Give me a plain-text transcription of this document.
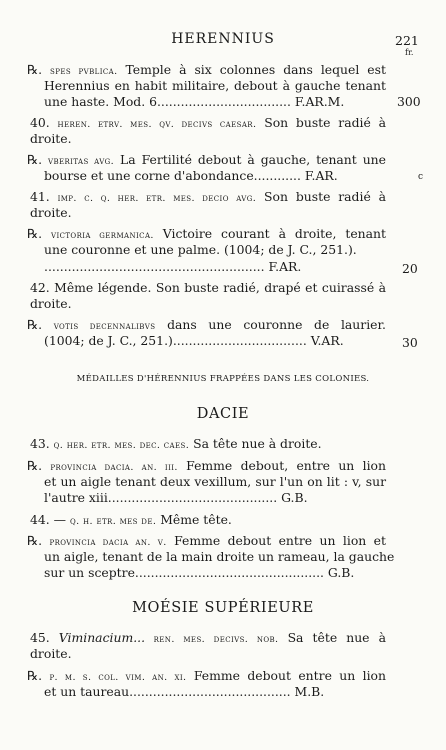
HERENNIUS	221
fr.
℞. spes pvblica. Temple à six colonnes dans lequel est
Herennius en habit militaire, debout à gauche tenant
une haste. Mod. 6.................................. F.AR.M.	300
40. heren. etrv. mes. qv. decivs caesar. Son buste radié à
droite.
℞. vberitas avg. La Fertilité debout à gauche, tenant une
bourse et une corne d'abondance............ F.AR.	c
41. imp. c. q. her. etr. mes. decio avg. Son buste radié à
droite.
℞. victoria germanica. Victoire courant à droite, tenant
une couronne et une palme. (1004; de J. C., 251.).
........................................................ F.AR.	20
42. Même légende. Son buste radié, drapé et cuirassé à
droite.
℞. votis decennalibvs dans une couronne de laurier.
(1004; de J. C., 251.).................................. V.AR.	30
MÉDAILLES D'HÉRENNIUS FRAPPÉES DANS LES COLONIES.
DACIE
43. q. her. etr. mes. dec. caes. Sa tête nue à droite.
℞. provincia dacia. an. iii. Femme debout, entre un lion
et un aigle tenant deux vexillum, sur l'un on lit : v, sur
l'autre xiii........................................... G.B.
44. — q. h. etr. mes de. Même tête.
℞. provincia dacia an. v. Femme debout entre un lion et
un aigle, tenant de la main droite un rameau, la gauche
sur un sceptre................................................ G.B.
MOÉSIE SUPÉRIEURE
45. Viminacium... ren. mes. decivs. nob. Sa tête nue à
droite.
℞. p. m. s. col. vim. an. xi. Femme debout entre un lion
et un taureau......................................... M.B.
